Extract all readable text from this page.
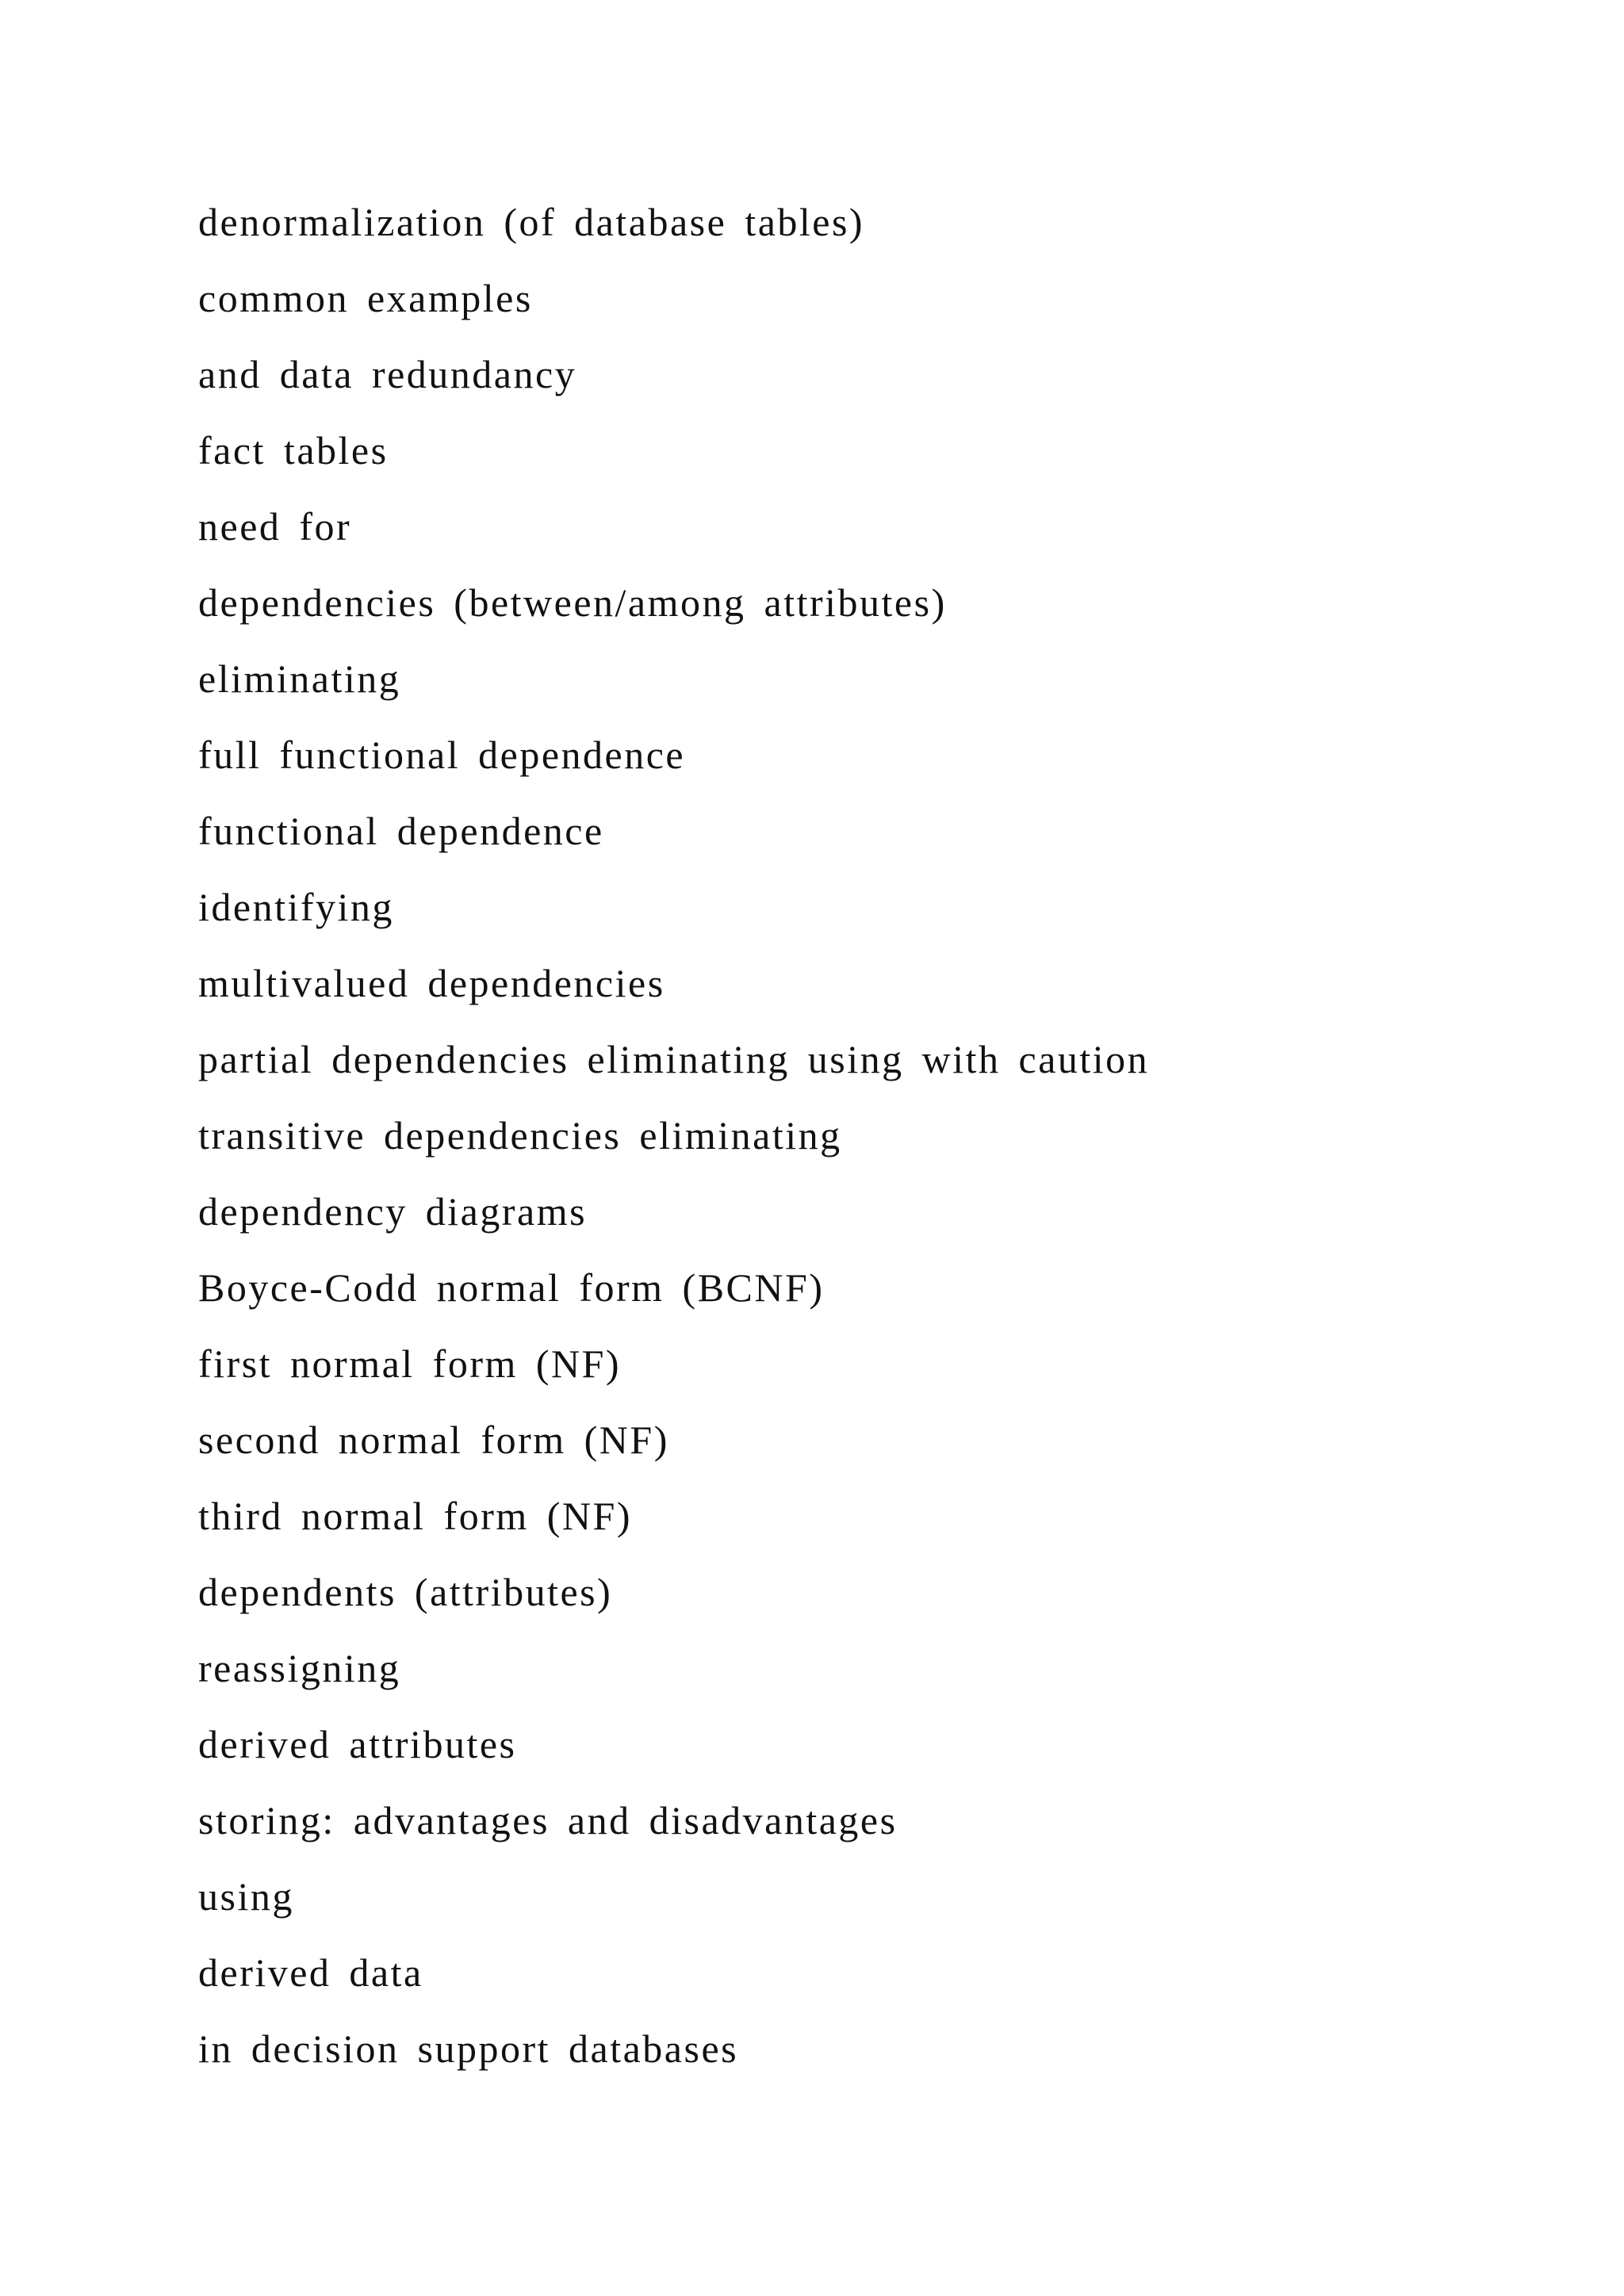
denormalization (of database tables)
common examples
and data redundancy
fact tables
need for
dependencies (between/among attributes)
eliminating
full functional dependence
functional dependence
identifying
multivalued dependencies
partial dependencies eliminating using with caution
transitive dependencies eliminating
dependency diagrams
Boyce-Codd normal form (BCNF)
first normal form (NF)
second normal form (NF)
third normal form (NF)
dependents (attributes)
reassigning
derived attributes
storing: advantages and disadvantages
using
derived data
in decision support databases
